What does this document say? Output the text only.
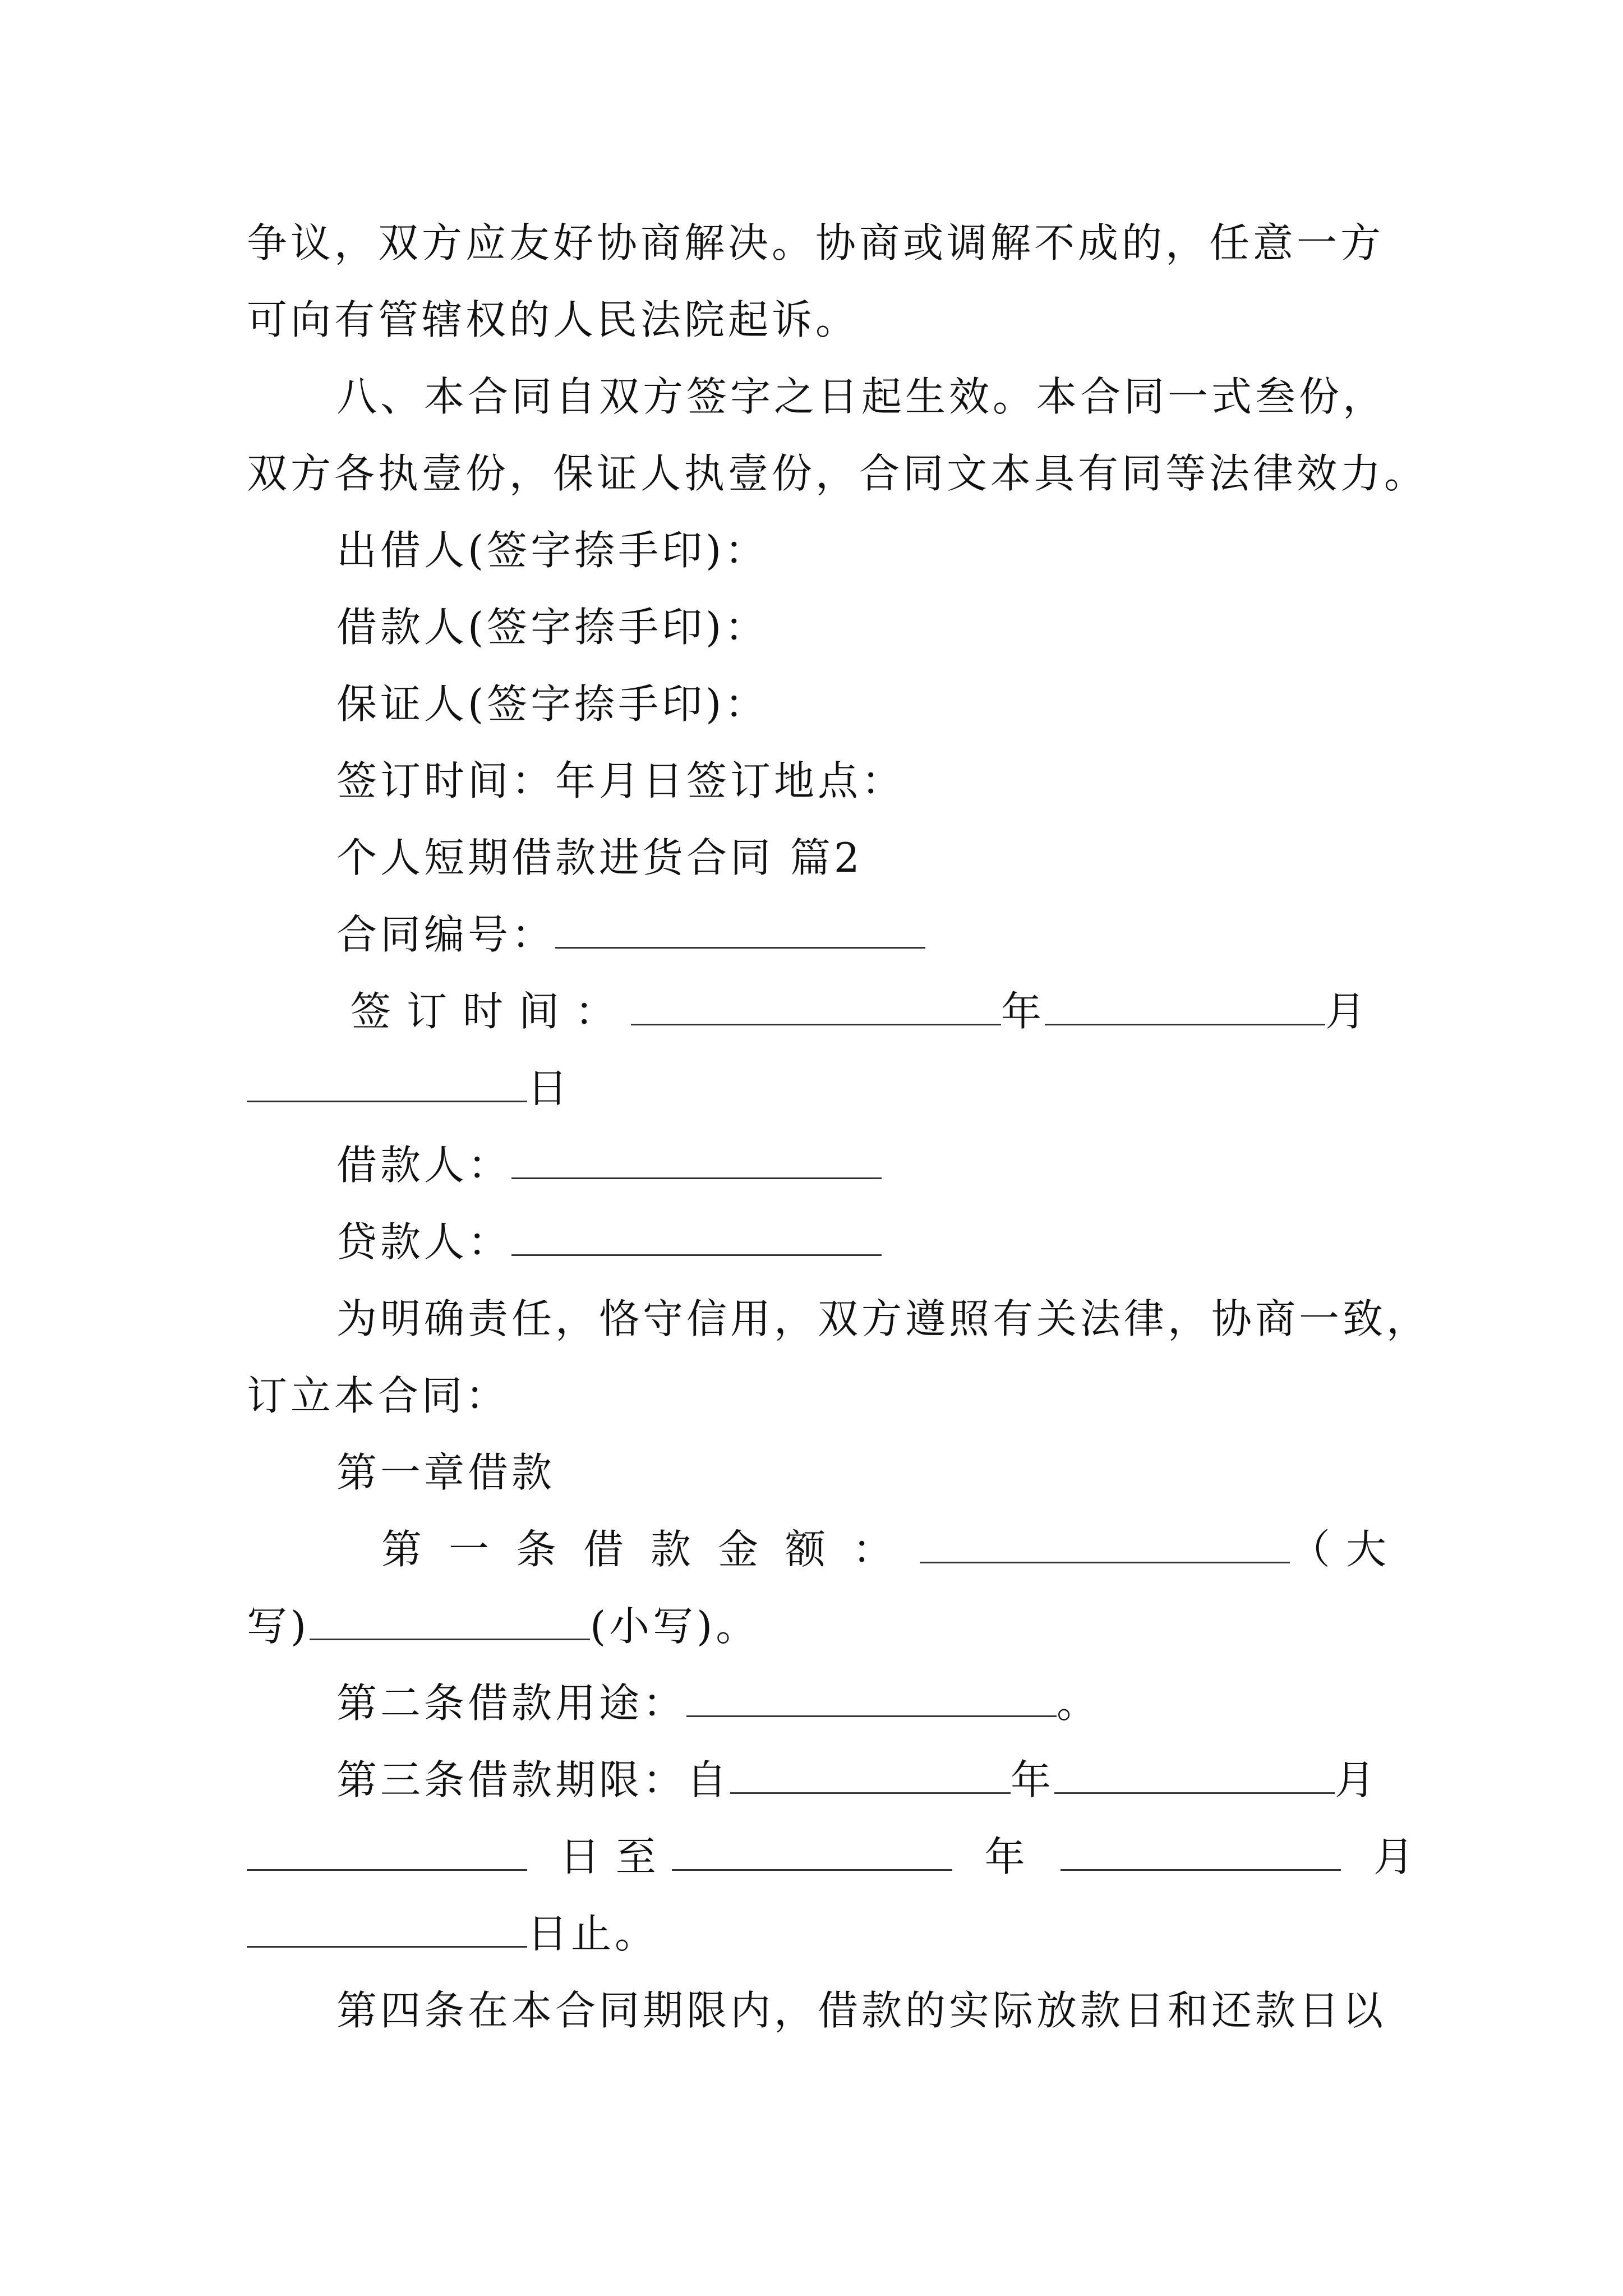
争议，双方应友好协商解决。协商或调解不成的，任意一方
可向有管辖权的人民法院起诉。
八、本合同自双方签字之日起生效。本合同一式叁份，
双方各执壹份，保证人执壹份，合同文本具有同等法律效力。
出借人(签字捺手印)：
借款人(签字捺手印)：
保证人(签字捺手印)：
签订时间：年月日签订地点：
个人短期借款进货合同 篇2
合同编号：
签订时间：	年	月
日
借款人：
贷款人：
为明确责任，恪守信用，双方遵照有关法律，协商一致，
订立本合同：
第一章借款
第一条借款金额：	（大
写)	(小写)。
第二条借款用途：	。
第三条借款期限：自	年	月
日至	年	月
日止。
第四条在本合同期限内，借款的实际放款日和还款日以
